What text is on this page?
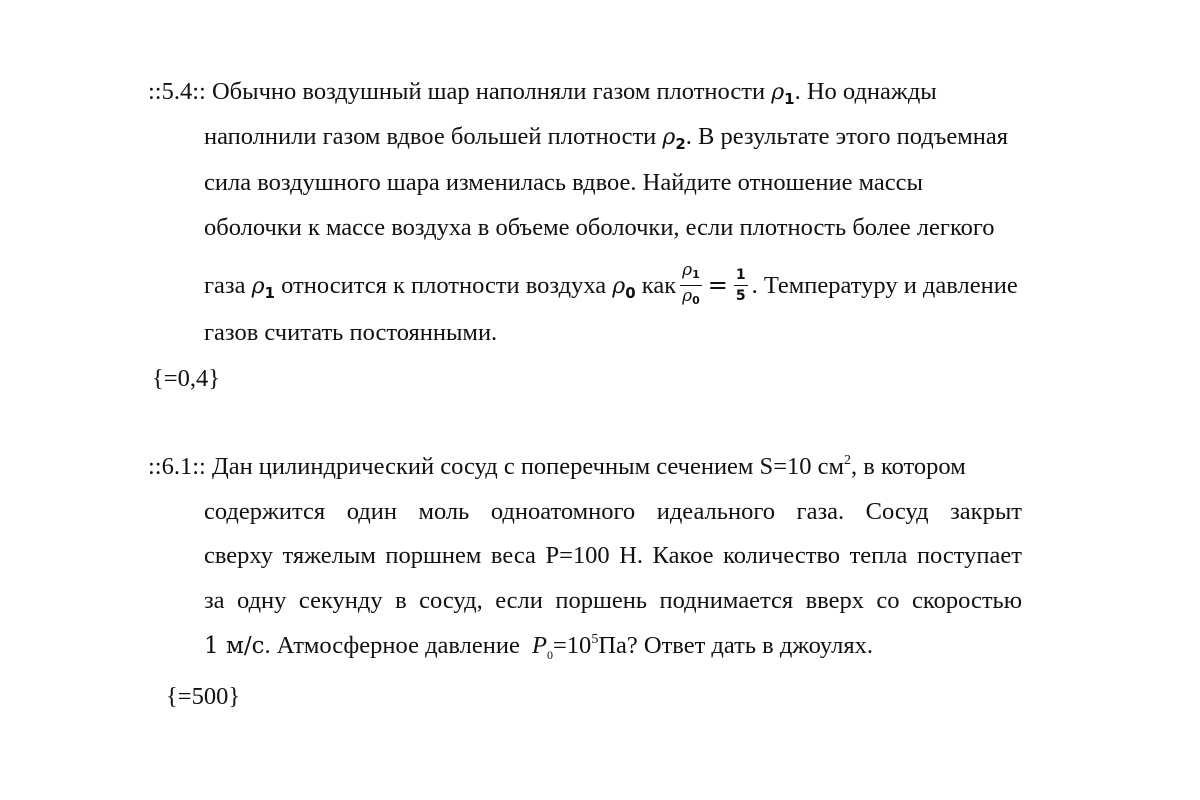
::5.4:: Обычно воздушный шар наполняли газом плотности $\rho_1$. Но однажды
наполнили газом вдвое большей плотности $\rho_2$. В результате этого подъемная
сила воздушного шара изменилась вдвое. Найдите отношение массы
оболочки к массе воздуха в объеме оболочки, если плотность более легкого
газа $\rho_1$ относится к плотности воздуха $\rho_0$ как $\frac{\rho_1}{\rho_0} = \frac{1}{5}$ . Температуру и давление
газов считать постоянными.
{=0,4}
::6.1:: Дан цилиндрический сосуд с поперечным сечением S=10 $см^2$, в котором
содержится один моль одноатомного идеального газа. Сосуд закрыт
сверху тяжелым поршнем веса P=100 Н. Какое количество тепла поступает
за одну секунду в сосуд, если поршень поднимается вверх со скоростью
1 м/с. Атмосферное давление $P_0=10^5Па$? Ответ дать в джоулях.
{=500}
